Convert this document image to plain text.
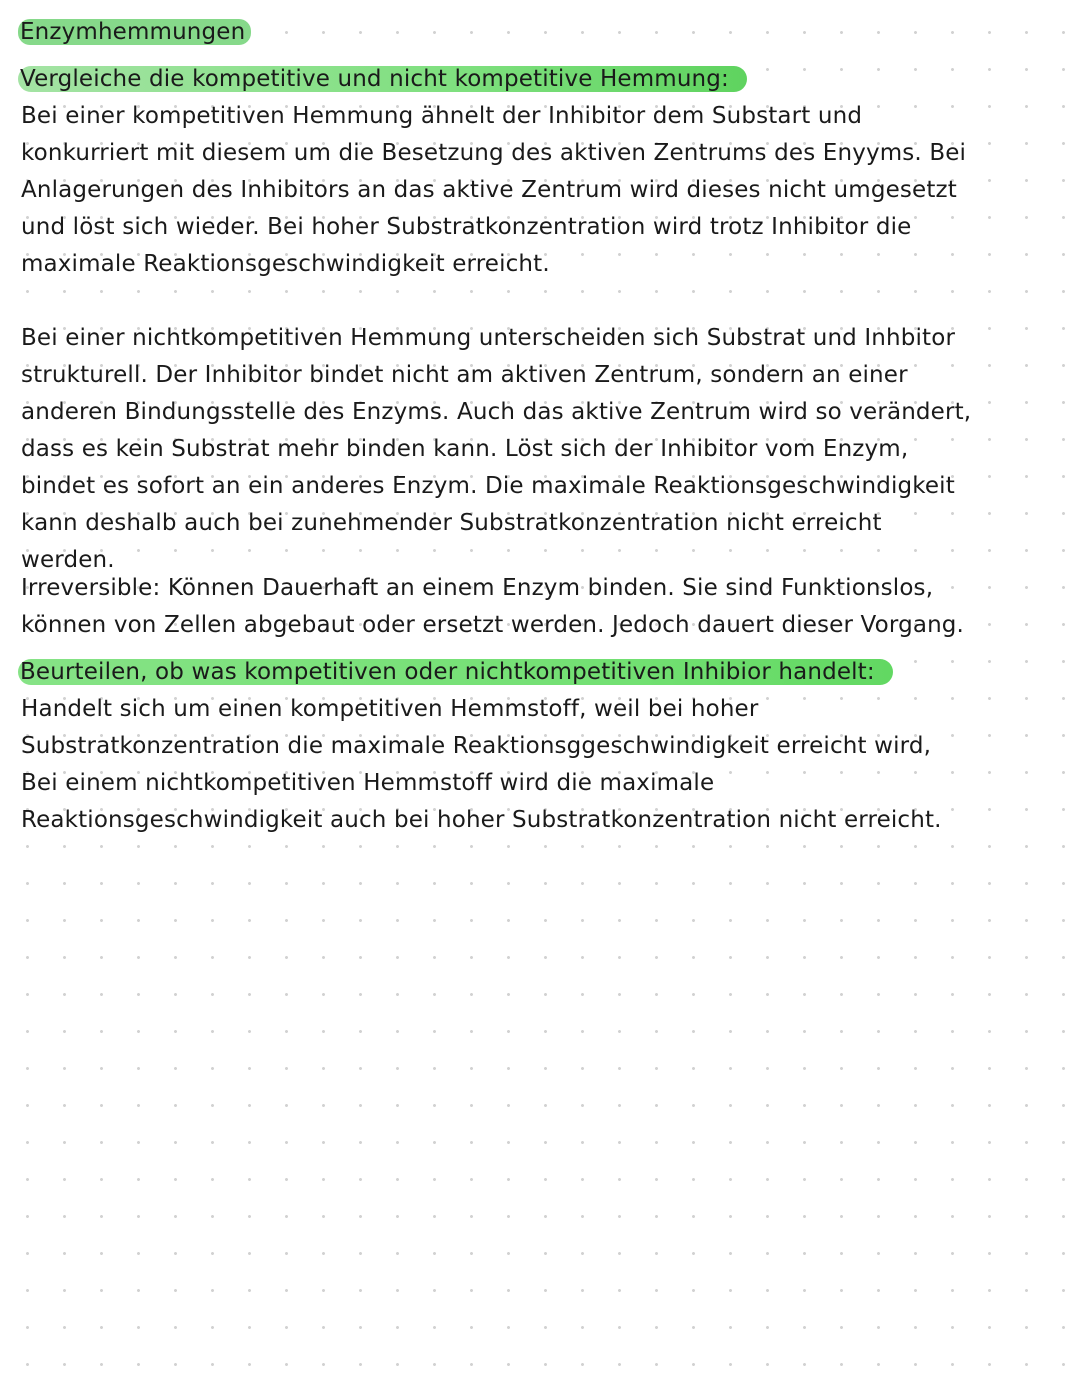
Enzymhemmungen
Vergleiche die kompetitive und nicht kompetitive Hemmung:
Bei einer kompetitiven Hemmung ähnelt der Inhibitor dem Substart und
konkurriert mit diesem um die Besetzung des aktiven Zentrums des Enyyms. Bei
Anlagerungen des Inhibitors an das aktive Zentrum wird dieses nicht umgesetzt
und löst sich wieder. Bei hoher Substratkonzentration wird trotz Inhibitor die
maximale Reaktionsgeschwindigkeit erreicht.
Bei einer nichtkompetitiven Hemmung unterscheiden sich Substrat und Inhbitor
strukturell. Der Inhibitor bindet nicht am aktiven Zentrum, sondern an einer
anderen Bindungsstelle des Enzyms. Auch das aktive Zentrum wird so verändert,
dass es kein Substrat mehr binden kann. Löst sich der Inhibitor vom Enzym,
bindet es sofort an ein anderes Enzym. Die maximale Reaktionsgeschwindigkeit
kann deshalb auch bei zunehmender Substratkonzentration nicht erreicht
werden.
Irreversible: Können Dauerhaft an einem Enzym binden. Sie sind Funktionslos,
können von Zellen abgebaut oder ersetzt werden. Jedoch dauert dieser Vorgang.
Beurteilen, ob was kompetitiven oder nichtkompetitiven Inhibior handelt:
Handelt sich um einen kompetitiven Hemmstoff, weil bei hoher
Substratkonzentration die maximale Reaktionsggeschwindigkeit erreicht wird,
Bei einem nichtkompetitiven Hemmstoff wird die maximale
Reaktionsgeschwindigkeit auch bei hoher Substratkonzentration nicht erreicht.
